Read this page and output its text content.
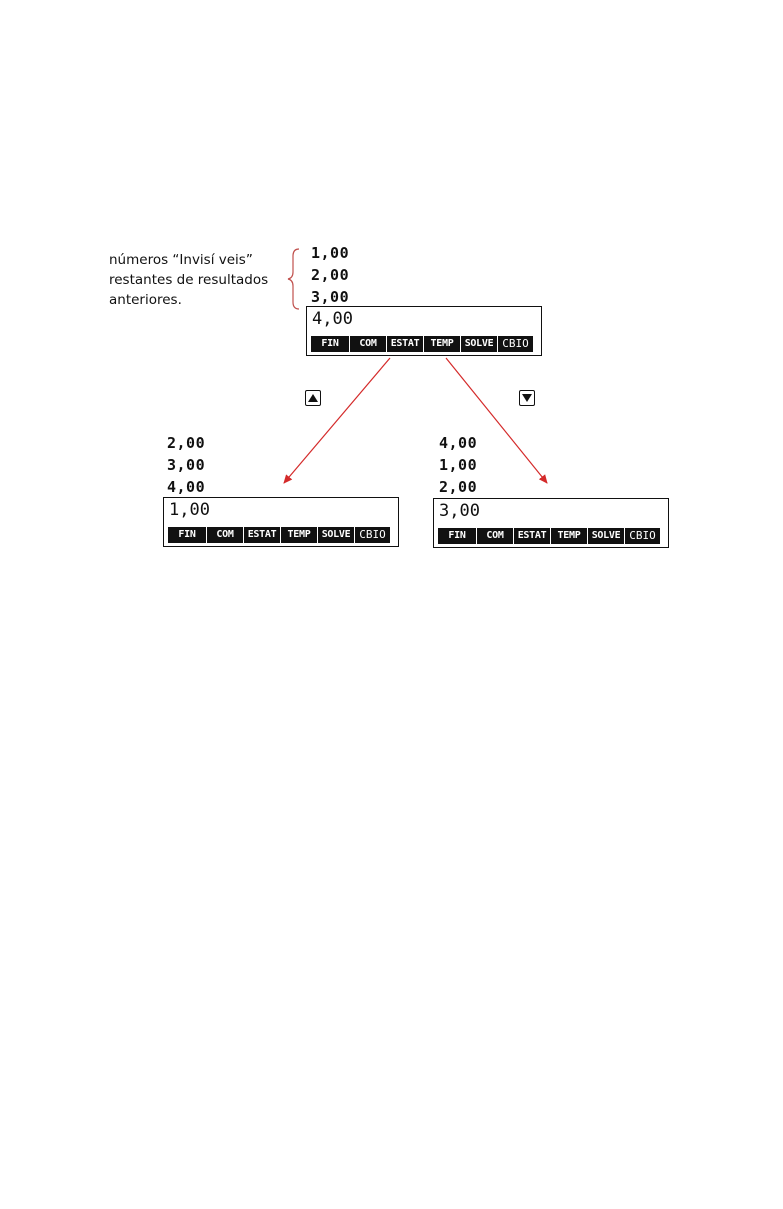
números “Invisí veis”
restantes de resultados
anteriores.
1,00
2,00
3,00
4,00
FIN	COM	ESTAT	TEMP	SOLVE CBIO
2,00
3,00
4,00
1,00
FIN	COM	ESTAT	TEMP	SOLVE CBIO
4,00
1,00
2,00
3,00
FIN	COM	ESTAT	TEMP	SOLVE CBIO
